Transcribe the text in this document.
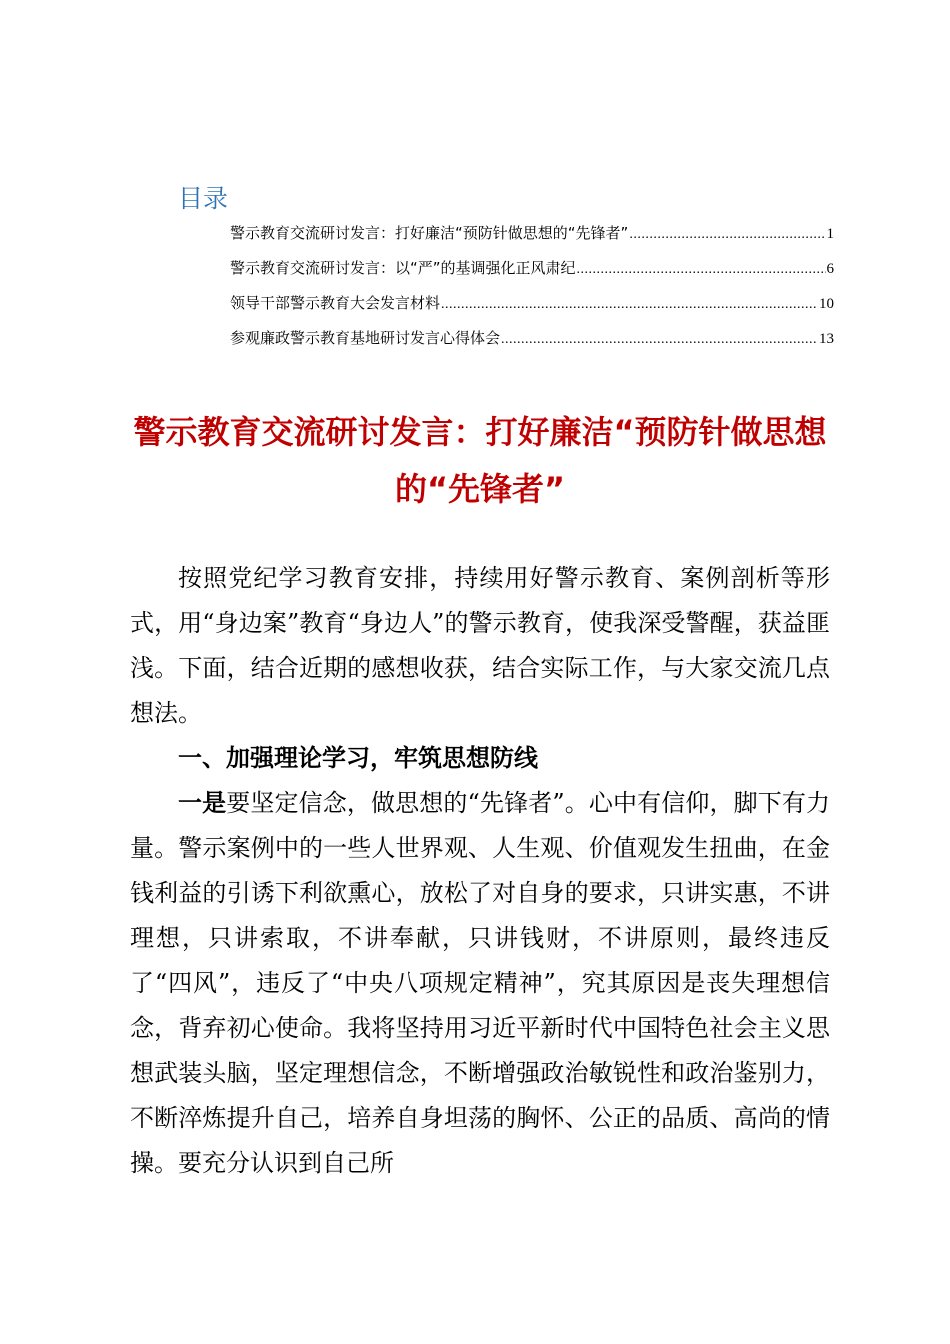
目录
警示教育交流研讨发言：打好廉洁“预防针做思想的“先锋者” .....	1
警示教育交流研讨发言：以“严”的基调强化正风肃纪 .....	6
领导干部警示教育大会发言材料 .....	10
参观廉政警示教育基地研讨发言心得体会 .....	13
警示教育交流研讨发言：打好廉洁“预防针做思想的“先锋者”

按照党纪学习教育安排，持续用好警示教育、案例剖析等形式，用“身边案”教育“身边人”的警示教育，使我深受警醒，获益匪浅。下面，结合近期的感想收获，结合实际工作，与大家交流几点想法。

一、加强理论学习，牢筑思想防线

一是要坚定信念，做思想的“先锋者”。心中有信仰，脚下有力量。警示案例中的一些人世界观、人生观、价值观发生扭曲，在金钱利益的引诱下利欲熏心，放松了对自身的要求，只讲实惠，不讲理想，只讲索取，不讲奉献，只讲钱财，不讲原则，最终违反了“四风”，违反了“中央八项规定精神”，究其原因是丧失理想信念，背弃初心使命。我将坚持用习近平新时代中国特色社会主义思想武装头脑，坚定理想信念，不断增强政治敏锐性和政治鉴别力，不断淬炼提升自己，培养自身坦荡的胸怀、公正的品质、高尚的情操。要充分认识到自己所
